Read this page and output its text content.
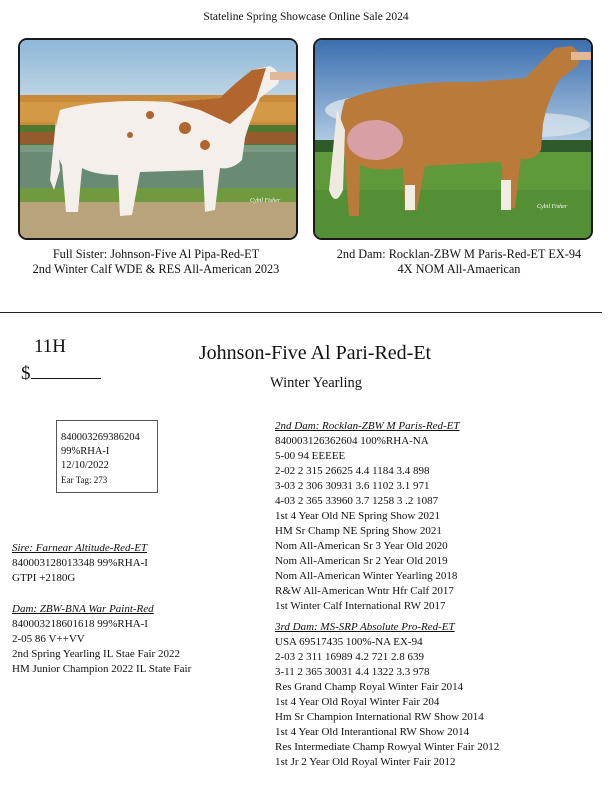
Stateline Spring Showcase Online Sale 2024
Cybil Fisher
Cybil Fisher
Full Sister: Johnson-Five Al Pipa-Red-ET
2nd Winter Calf WDE & RES All-American 2023
2nd Dam: Rocklan-ZBW M Paris-Red-ET EX-94
4X NOM All-Amaerican
11H
$
Johnson-Five Al Pari-Red-Et
Winter Yearling
840003269386204
99%RHA-I
12/10/2022
Ear Tag: 273
Sire: Farnear Altitude-Red-ET
840003128013348 99%RHA-I
GTPI +2180G
Dam: ZBW-BNA War Paint-Red
840003218601618 99%RHA-I
2-05 86 V++VV
2nd Spring Yearling IL Stae Fair 2022
HM Junior Champion 2022 IL State Fair
2nd Dam: Rocklan-ZBW M Paris-Red-ET
840003126362604 100%RHA-NA
5-00 94 EEEEE
2-02 2 315 26625 4.4 1184 3.4 898
3-03 2 306 30931 3.6 1102 3.1 971
4-03 2 365 33960 3.7 1258 3 .2 1087
1st 4 Year Old NE Spring Show 2021
HM Sr Champ NE Spring Show 2021
Nom All-American Sr 3 Year Old 2020
Nom All-American Sr 2 Year Old 2019
Nom All-American Winter Yearling 2018
R&W All-American Wntr Hfr Calf 2017
1st Winter Calf International RW 2017
3rd Dam: MS-SRP Absolute Pro-Red-ET
USA 69517435 100%-NA EX-94
2-03 2 311 16989 4.2 721 2.8 639
3-11 2 365 30031 4.4 1322 3.3 978
Res Grand Champ Royal Winter Fair 2014
1st 4 Year Old Royal Winter Fair 204
Hm Sr Champion International RW Show 2014
1st 4 Year Old Interantional RW Show 2014
Res Intermediate Champ Rowyal Winter Fair 2012
1st Jr 2 Year Old Royal Winter Fair 2012
